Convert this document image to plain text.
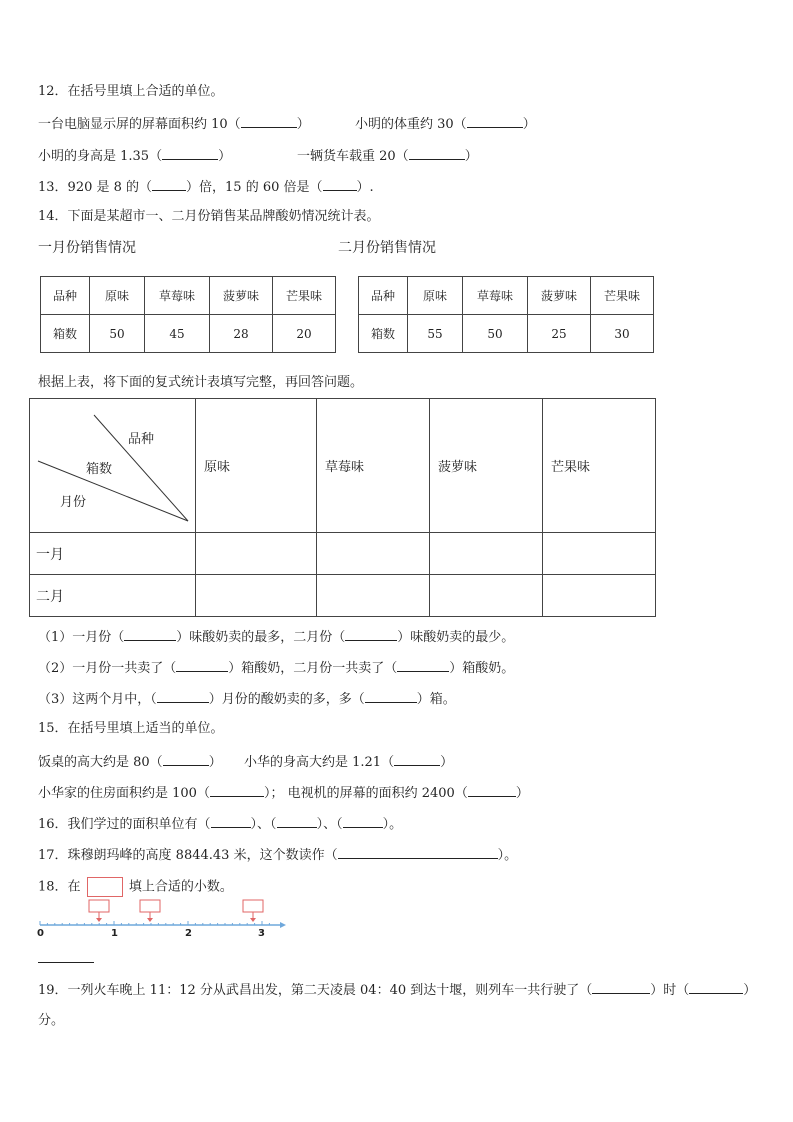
12．在括号里填上合适的单位。
一台电脑显示屏的屏幕面积约 10（	）	小明的体重约 30（	）
小明的身高是 1.35（	）	一辆货车载重 20（	）
13．920 是 8 的（	）倍，15 的 60 倍是（	）.
14．下面是某超市一、二月份销售某品牌酸奶情况统计表。
一月份销售情况	二月份销售情况
品种	原味	草莓味	菠萝味	芒果味
箱数	50	45	28	20
品种	原味	草莓味	菠萝味	芒果味
箱数	55	50	25	30
根据上表，将下面的复式统计表填写完整，再回答问题。
品种
箱数
月份	原味	草莓味	菠萝味	芒果味
一月				
二月				
（1）一月份（	）味酸奶卖的最多，二月份（	）味酸奶卖的最少。
（2）一月份一共卖了（	）箱酸奶，二月份一共卖了（	）箱酸奶。
（3）这两个月中，（	）月份的酸奶卖的多，多（	）箱。
15．在括号里填上适当的单位。
饭桌的高大约是 80（	） 小华的身高大约是 1.21（	）
小华家的住房面积约是 100（	）； 电视机的屏幕的面积约 2400（	）
16．我们学过的面积单位有（	）、（	）、（	）。
17．珠穆朗玛峰的高度 8844.43 米，这个数读作（	）。
18．在	填上合适的小数。
0	1	2	3
19．一列火车晚上 11：12 分从武昌出发，第二天凌晨 04：40 到达十堰，则列车一共行驶了（	）时（	）
分。
